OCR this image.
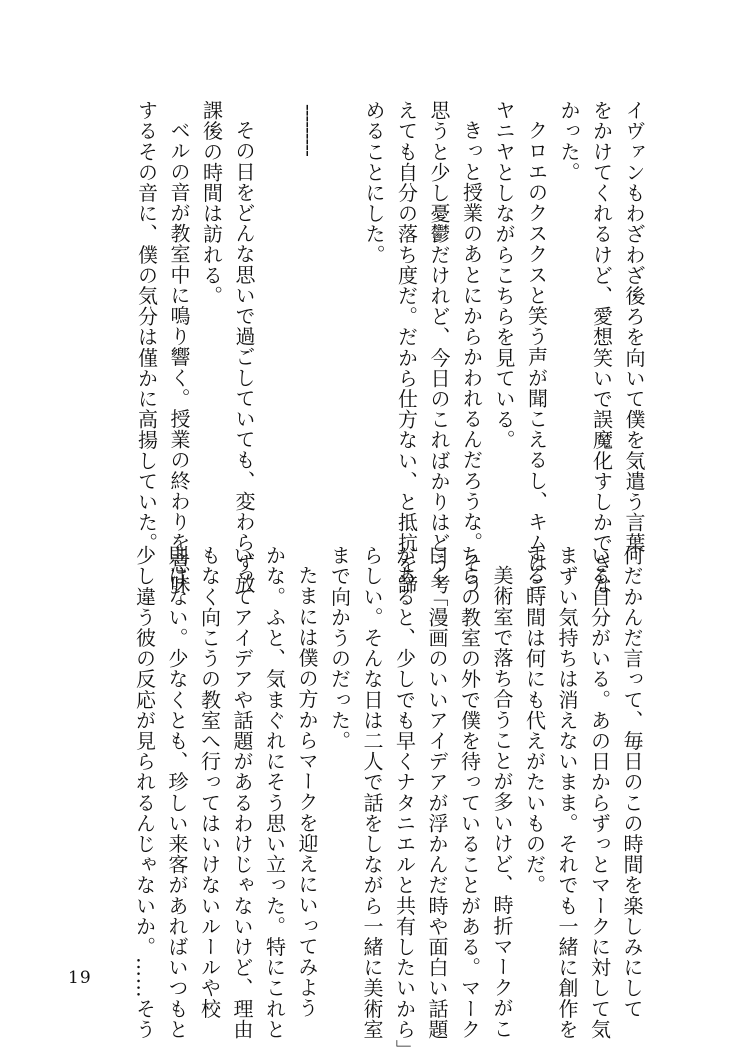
イヴァンもわざわざ後ろを向いて僕を気遣う言葉
をかけてくれるけど、愛想笑いで誤魔化すしかできな
かった。
クロエのクスクスと笑う声が聞こえるし、キムはニ
ヤニヤとしながらこちらを見ている。
きっと授業のあとにからかわれるんだろうな。そう
思うと少し憂鬱だけれど、今日のこればかりはどう考
えても自分の落ち度だ。だから仕方ない、と抵抗を諦
めることにした。
---------
その日をどんな思いで過ごしていても、変わらず放
課後の時間は訪れる。
ベルの音が教室中に鳴り響く。授業の終わりを意味
するその音に、僕の気分は僅かに高揚していた。
何だかんだ言って、毎日のこの時間を楽しみにして
いる自分がいる。あの日からずっとマークに対して気
まずい気持ちは消えないまま。それでも一緒に創作を
する時間は何にも代えがたいものだ。
美術室で落ち合うことが多いけど、時折マークがこ
ちらの教室の外で僕を待っていることがある。マーク
曰く「漫画のいいアイデアが浮かんだ時や面白い話題
があると、少しでも早くナタニエルと共有したいから」
らしい。そんな日は二人で話をしながら一緒に美術室
まで向かうのだった。
たまには僕の方からマークを迎えにいってみよう
かな。ふと、気まぐれにそう思い立った。特にこれと
いってアイデアや話題があるわけじゃないけど、理由
もなく向こうの教室へ行ってはいけないルールや校
則はない。少なくとも、珍しい来客があればいつもと
少し違う彼の反応が見られるんじゃないか。……そう
19
